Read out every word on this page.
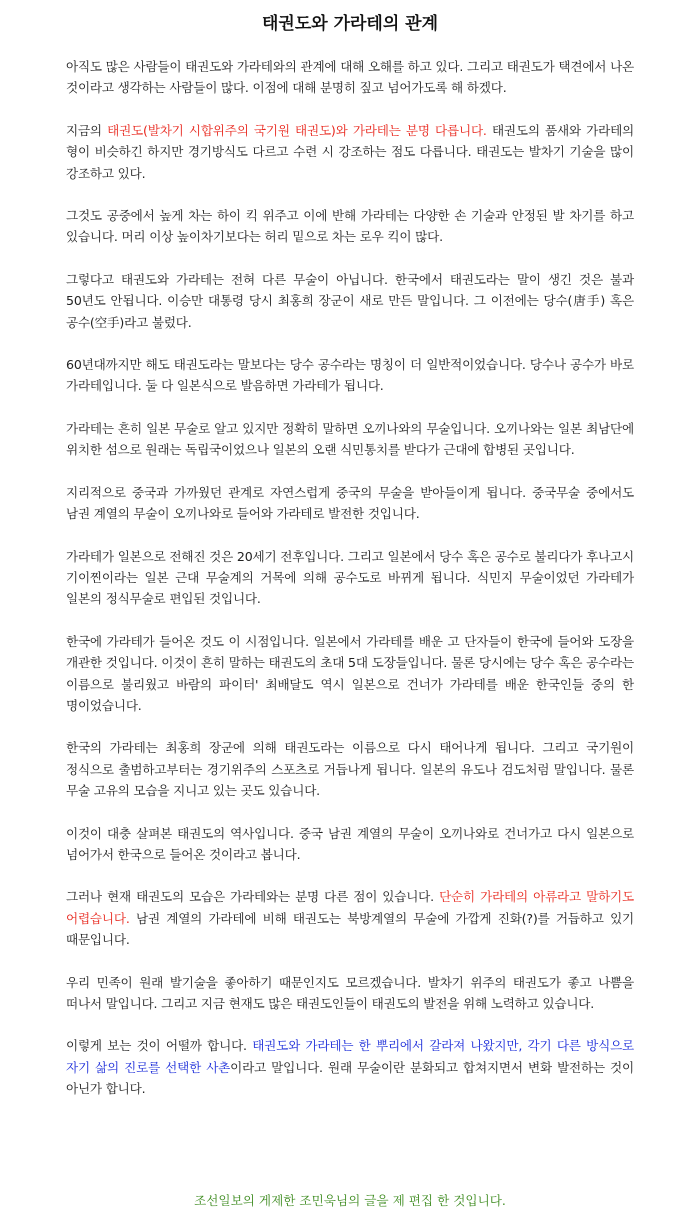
태권도와 가라테의 관계

아직도 많은 사람들이 태권도와 가라테와의 관계에 대해 오해를 하고 있다. 그리고 태권도가 택견에서 나온 것이라고 생각하는 사람들이 많다. 이점에 대해 분명히 짚고 넘어가도록 해 하겠다.

지금의 태권도(발차기 시합위주의 국기원 태권도)와 가라테는 분명 다릅니다. 태권도의 품새와 가라테의 형이 비슷하긴 하지만 경기방식도 다르고 수련 시 강조하는 점도 다릅니다. 태권도는 발차기 기술을 많이 강조하고 있다.

그것도 공중에서 높게 차는 하이 킥 위주고 이에 반해 가라테는 다양한 손 기술과 안정된 발 차기를 하고 있습니다. 머리 이상 높이차기보다는 허리 밑으로 차는 로우 킥이 많다.

그렇다고 태권도와 가라테는 전혀 다른 무술이 아닙니다. 한국에서 태권도라는 말이 생긴 것은 불과 50년도 안됩니다. 이승만 대통령 당시 최홍희 장군이 새로 만든 말입니다. 그 이전에는 당수(唐手) 혹은 공수(空手)라고 불렀다.

60년대까지만 해도 태권도라는 말보다는 당수 공수라는 명칭이 더 일반적이었습니다. 당수나 공수가 바로 가라테입니다. 둘 다 일본식으로 발음하면 가라테가 됩니다.

가라테는 흔히 일본 무술로 알고 있지만 정확히 말하면 오끼나와의 무술입니다. 오끼나와는 일본 최남단에 위치한 섬으로 원래는 독립국이었으나 일본의 오랜 식민통치를 받다가 근대에 합병된 곳입니다.

지리적으로 중국과 가까웠던 관계로 자연스럽게 중국의 무술을 받아들이게 됩니다. 중국무술 중에서도 남권 계열의 무술이 오끼나와로 들어와 가라테로 발전한 것입니다.

가라테가 일본으로 전해진 것은 20세기 전후입니다. 그리고 일본에서 당수 혹은 공수로 불리다가 후나고시 기이찐이라는 일본 근대 무술계의 거목에 의해 공수도로 바뀌게 됩니다. 식민지 무술이었던 가라테가 일본의 정식무술로 편입된 것입니다.

한국에 가라테가 들어온 것도 이 시점입니다. 일본에서 가라테를 배운 고 단자들이 한국에 들어와 도장을 개관한 것입니다. 이것이 흔히 말하는 태권도의 초대 5대 도장들입니다. 물론 당시에는 당수 혹은 공수라는 이름으로 불리웠고 바람의 파이터' 최배달도 역시 일본으로 건너가 가라테를 배운 한국인들 중의 한 명이었습니다.

한국의 가라테는 최홍희 장군에 의해 태권도라는 이름으로 다시 태어나게 됩니다. 그리고 국기원이 정식으로 출범하고부터는 경기위주의 스포츠로 거듭나게 됩니다. 일본의 유도나 검도처럼 말입니다. 물론 무술 고유의 모습을 지니고 있는 곳도 있습니다.

이것이 대충 살펴본 태권도의 역사입니다. 중국 남권 계열의 무술이 오끼나와로 건너가고 다시 일본으로 넘어가서 한국으로 들어온 것이라고 봅니다.

그러나 현재 태권도의 모습은 가라테와는 분명 다른 점이 있습니다. 단순히 가라테의 아류라고 말하기도 어렵습니다. 남권 계열의 가라테에 비해 태권도는 북방계열의 무술에 가깝게 진화(?)를 거듭하고 있기 때문입니다.

우리 민족이 원래 발기술을 좋아하기 때문인지도 모르겠습니다. 발차기 위주의 태권도가 좋고 나쁨을 떠나서 말입니다. 그리고 지금 현재도 많은 태권도인들이 태권도의 발전을 위해 노력하고 있습니다.

이렇게 보는 것이 어떨까 합니다. 태권도와 가라테는 한 뿌리에서 갈라져 나왔지만, 각기 다른 방식으로 자기 삶의 진로를 선택한 사촌이라고 말입니다. 원래 무술이란 분화되고 합쳐지면서 변화 발전하는 것이 아닌가 합니다.

조선일보의 게제한 조민욱님의 글을 제 편집 한 것입니다.
